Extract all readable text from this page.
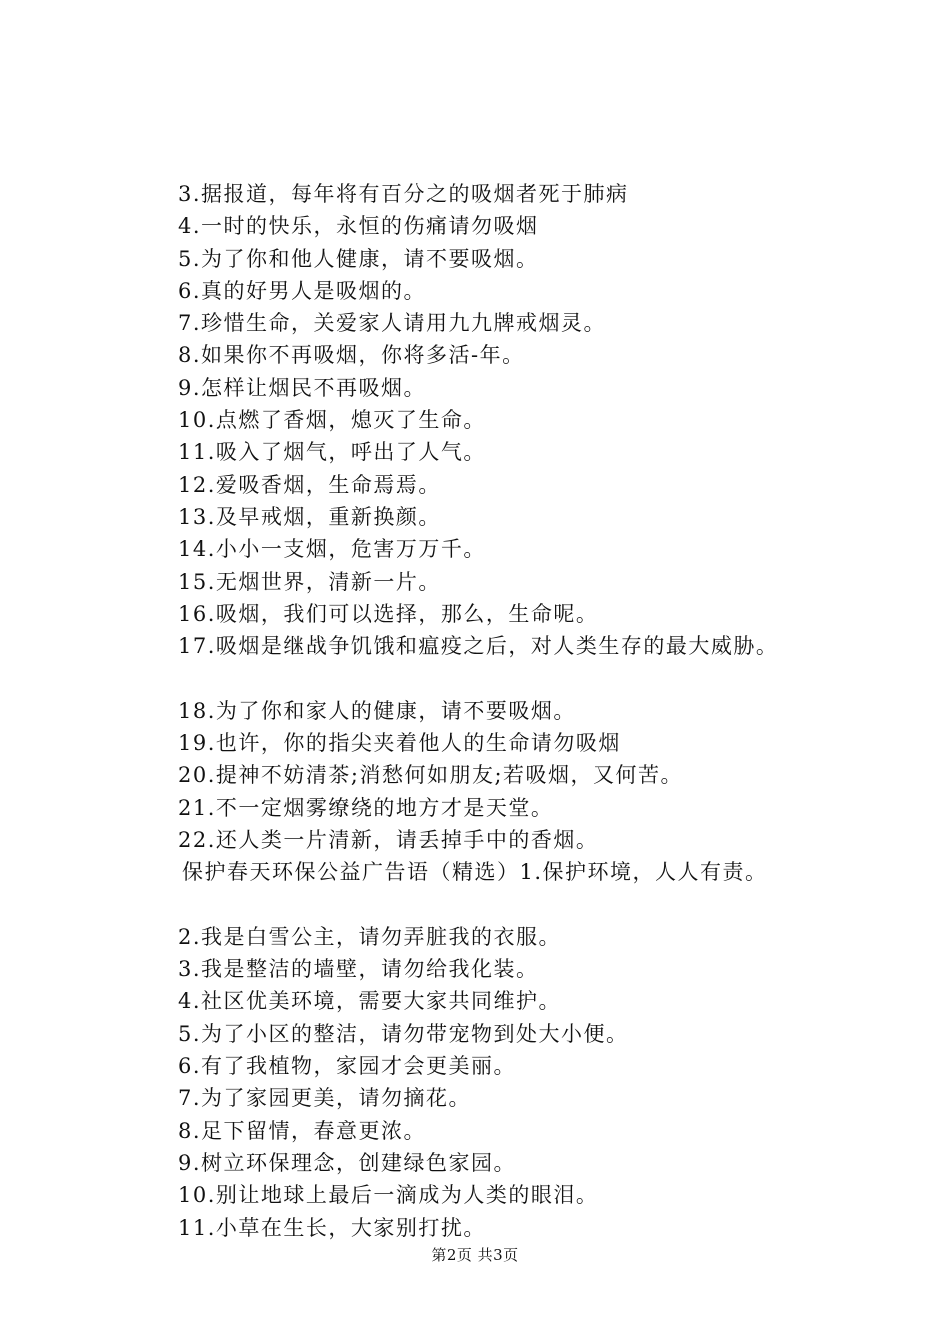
3.据报道，每年将有百分之的吸烟者死于肺病
4.一时的快乐，永恒的伤痛请勿吸烟
5.为了你和他人健康，请不要吸烟。
6.真的好男人是吸烟的。
7.珍惜生命，关爱家人请用九九牌戒烟灵。
8.如果你不再吸烟，你将多活-年。
9.怎样让烟民不再吸烟。
10.点燃了香烟，熄灭了生命。
11.吸入了烟气，呼出了人气。
12.爱吸香烟，生命焉焉。
13.及早戒烟，重新换颜。
14.小小一支烟，危害万万千。
15.无烟世界，清新一片。
16.吸烟，我们可以选择，那么，生命呢。
17.吸烟是继战争饥饿和瘟疫之后，对人类生存的最大威胁。
18.为了你和家人的健康，请不要吸烟。
19.也许，你的指尖夹着他人的生命请勿吸烟
20.提神不妨清茶;消愁何如朋友;若吸烟，又何苦。
21.不一定烟雾缭绕的地方才是天堂。
22.还人类一片清新，请丢掉手中的香烟。
保护春天环保公益广告语（精选）1.保护环境，人人有责。
2.我是白雪公主，请勿弄脏我的衣服。
3.我是整洁的墙壁，请勿给我化装。
4.社区优美环境，需要大家共同维护。
5.为了小区的整洁，请勿带宠物到处大小便。
6.有了我植物，家园才会更美丽。
7.为了家园更美，请勿摘花。
8.足下留情，春意更浓。
9.树立环保理念，创建绿色家园。
10.别让地球上最后一滴成为人类的眼泪。
11.小草在生长，大家别打扰。
第2页 共3页
